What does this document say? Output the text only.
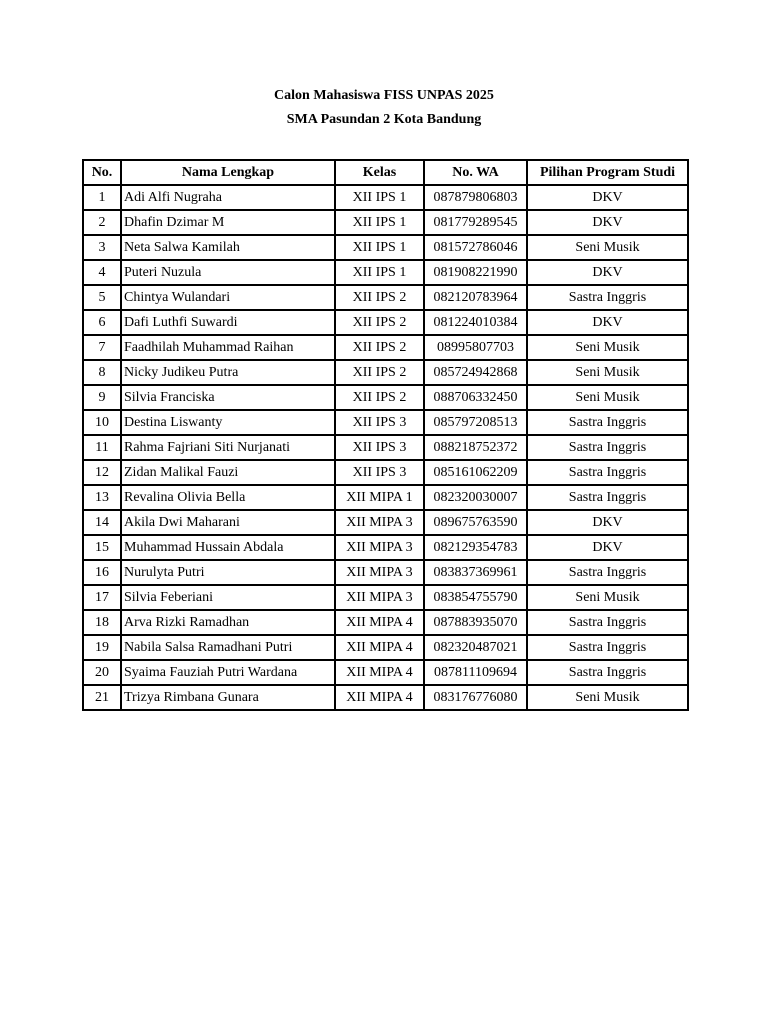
Calon Mahasiswa FISS UNPAS 2025
SMA Pasundan 2 Kota Bandung
No.	Nama Lengkap	Kelas	No. WA	Pilihan Program Studi
1	Adi Alfi Nugraha	XII IPS 1	087879806803	DKV
2	Dhafin Dzimar M	XII IPS 1	081779289545	DKV
3	Neta Salwa Kamilah	XII IPS 1	081572786046	Seni Musik
4	Puteri Nuzula	XII IPS 1	081908221990	DKV
5	Chintya Wulandari	XII IPS 2	082120783964	Sastra Inggris
6	Dafi Luthfi Suwardi	XII IPS 2	081224010384	DKV
7	Faadhilah Muhammad Raihan	XII IPS 2	08995807703	Seni Musik
8	Nicky Judikeu Putra	XII IPS 2	085724942868	Seni Musik
9	Silvia Franciska	XII IPS 2	088706332450	Seni Musik
10	Destina Liswanty	XII IPS 3	085797208513	Sastra Inggris
11	Rahma Fajriani Siti Nurjanati	XII IPS 3	088218752372	Sastra Inggris
12	Zidan Malikal Fauzi	XII IPS 3	085161062209	Sastra Inggris
13	Revalina Olivia Bella	XII MIPA 1	082320030007	Sastra Inggris
14	Akila Dwi Maharani	XII MIPA 3	089675763590	DKV
15	Muhammad Hussain Abdala	XII MIPA 3	082129354783	DKV
16	Nurulyta Putri	XII MIPA 3	083837369961	Sastra Inggris
17	Silvia Feberiani	XII MIPA 3	083854755790	Seni Musik
18	Arva Rizki Ramadhan	XII MIPA 4	087883935070	Sastra Inggris
19	Nabila Salsa Ramadhani Putri	XII MIPA 4	082320487021	Sastra Inggris
20	Syaima Fauziah Putri Wardana	XII MIPA 4	087811109694	Sastra Inggris
21	Trizya Rimbana Gunara	XII MIPA 4	083176776080	Seni Musik
